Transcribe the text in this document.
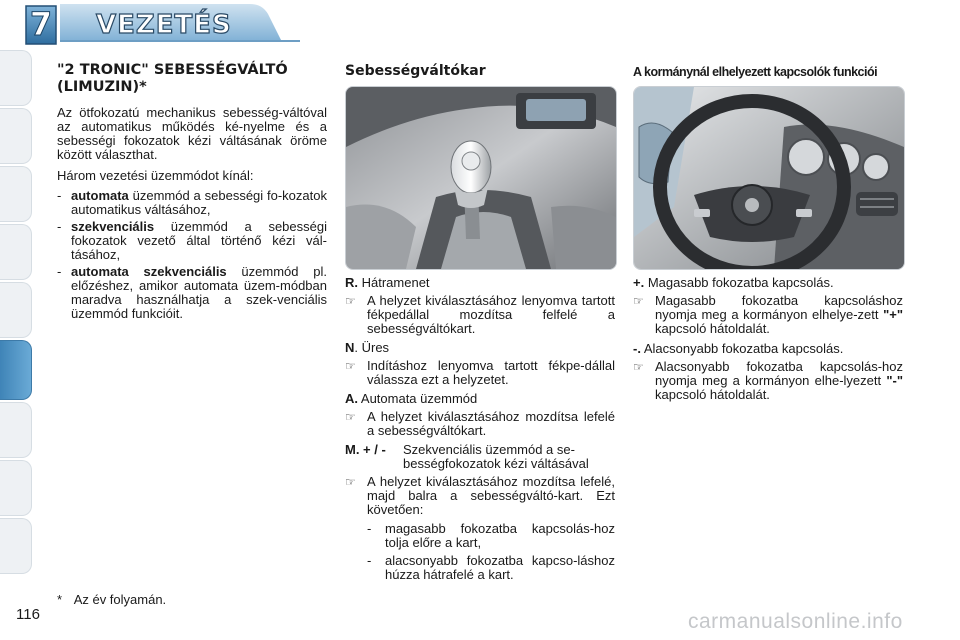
7	VEZETÉS
"2 TRONIC" SEBESSÉGVÁLTÓ (LIMUZIN)*

Az ötfokozatú mechanikus sebesség-váltóval az automatikus működés ké-nyelme és a sebességi fokozatok kézi váltásának öröme között választhat.

Három vezetési üzemmódot kínál:

- automata üzemmód a sebességi fo-kozatok automatikus váltásához,
- szekvenciális üzemmód a sebességi fokozatok vezető által történő kézi vál-tásához,
- automata szekvenciális üzemmód pl. előzéshez, amikor automata üzem-módban maradva használhatja a szek-venciális üzemmód funkcióit.
Sebességváltókar
R. Hátramenet
☞ A helyzet kiválasztásához lenyomva tartott fékpedállal mozdítsa felfelé a sebességváltókart.
N. Üres
☞ Indításhoz lenyomva tartott fékpe-dállal válassza ezt a helyzetet.
A. Automata üzemmód
☞ A helyzet kiválasztásához mozdítsa lefelé a sebességváltókart.
M. + / - Szekvenciális üzemmód a se-bességfokozatok kézi váltásával
☞ A helyzet kiválasztásához mozdítsa lefelé, majd balra a sebességváltó-kart. Ezt követően:
- magasabb fokozatba kapcsolás-hoz tolja előre a kart,
- alacsonyabb fokozatba kapcso-láshoz húzza hátrafelé a kart.
A kormánynál elhelyezett kapcsolók funkciói
+. Magasabb fokozatba kapcsolás.
☞ Magasabb fokozatba kapcsoláshoz nyomja meg a kormányon elhelye-zett "+" kapcsoló hátoldalát.
-. Alacsonyabb fokozatba kapcsolás.
☞ Alacsonyabb fokozatba kapcsolás-hoz nyomja meg a kormányon elhe-lyezett "-" kapcsoló hátoldalát.
* Az év folyamán.
116	carmanualsonline.info
